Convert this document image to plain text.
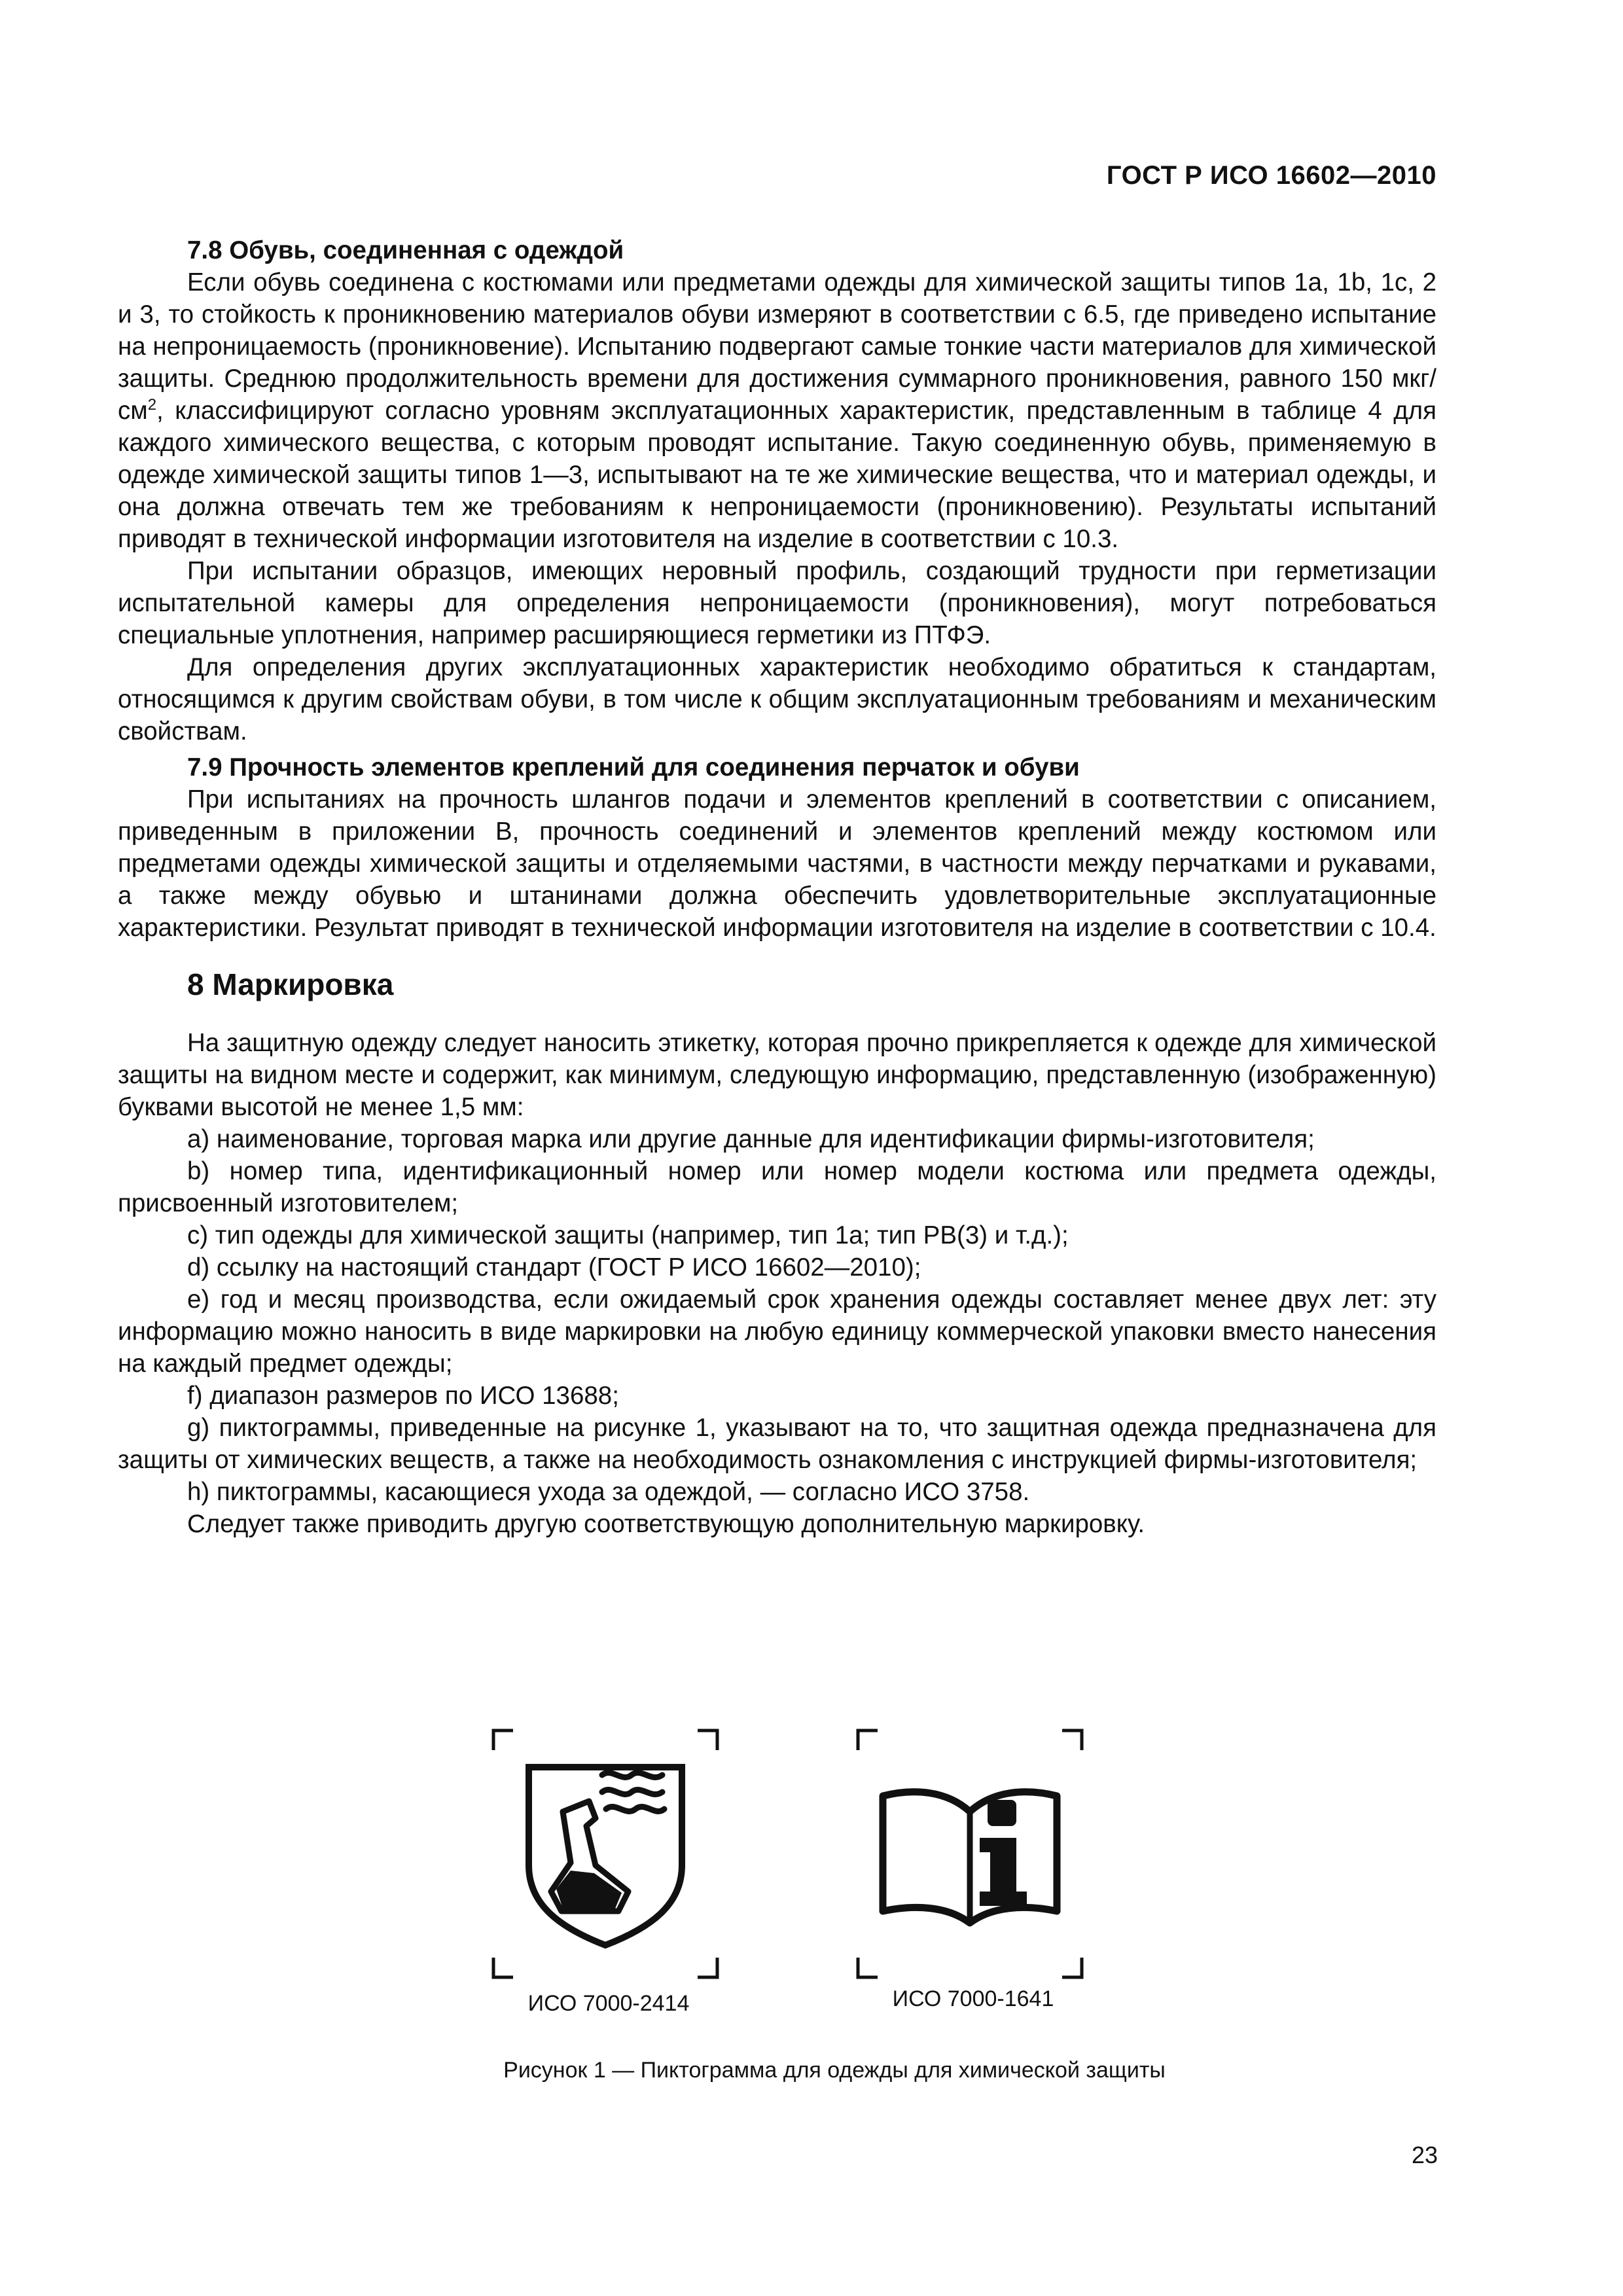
ГОСТ Р ИСО 16602—2010

7.8 Обувь, соединенная с одеждой

Если обувь соединена с костюмами или предметами одежды для химической защиты типов 1а, 1b, 1с, 2 и 3, то стойкость к проникновению материалов обуви измеряют в соответствии с 6.5, где приведено испытание на непроницаемость (проникновение). Испытанию подвергают самые тонкие части материалов для химической защиты. Среднюю продолжительность времени для достижения суммарного проникновения, равного 150 мкг/$см^2$, классифицируют согласно уровням эксплуатационных характеристик, представленным в таблице 4 для каждого химического вещества, с которым проводят испытание. Такую соединенную обувь, применяемую в одежде химической защиты типов 1—3, испытывают на те же химические вещества, что и материал одежды, и она должна отвечать тем же требованиям к непроницаемости (проникновению). Результаты испытаний приводят в технической информации изготовителя на изделие в соответствии с 10.3.

При испытании образцов, имеющих неровный профиль, создающий трудности при герметизации испытательной камеры для определения непроницаемости (проникновения), могут потребоваться специальные уплотнения, например расширяющиеся герметики из ПТФЭ.

Для определения других эксплуатационных характеристик необходимо обратиться к стандартам, относящимся к другим свойствам обуви, в том числе к общим эксплуатационным требованиям и механическим свойствам.

7.9 Прочность элементов креплений для соединения перчаток и обуви

При испытаниях на прочность шлангов подачи и элементов креплений в соответствии с описанием, приведенным в приложении В, прочность соединений и элементов креплений между костюмом или предметами одежды химической защиты и отделяемыми частями, в частности между перчатками и рукавами, а также между обувью и штанинами должна обеспечить удовлетворительные эксплуатационные характеристики. Результат приводят в технической информации изготовителя на изделие в соответствии с 10.4.

8 Маркировка

На защитную одежду следует наносить этикетку, которая прочно прикрепляется к одежде для химической защиты на видном месте и содержит, как минимум, следующую информацию, представленную (изображенную) буквами высотой не менее 1,5 мм:

а) наименование, торговая марка или другие данные для идентификации фирмы-изготовителя;

b) номер типа, идентификационный номер или номер модели костюма или предмета одежды, присвоенный изготовителем;

c) тип одежды для химической защиты (например, тип 1а; тип РВ(3) и т.д.);

d) ссылку на настоящий стандарт (ГОСТ Р ИСО 16602—2010);

e) год и месяц производства, если ожидаемый срок хранения одежды составляет менее двух лет: эту информацию можно наносить в виде маркировки на любую единицу коммерческой упаковки вместо нанесения на каждый предмет одежды;

f) диапазон размеров по ИСО 13688;

g) пиктограммы, приведенные на рисунке 1, указывают на то, что защитная одежда предназначена для защиты от химических веществ, а также на необходимость ознакомления с инструкцией фирмы-изготовителя;

h) пиктограммы, касающиеся ухода за одеждой, — согласно ИСО 3758.

Следует также приводить другую соответствующую дополнительную маркировку.

ИСО 7000-2414	ИСО 7000-1641
Рисунок 1 — Пиктограмма для одежды для химической защиты
23
